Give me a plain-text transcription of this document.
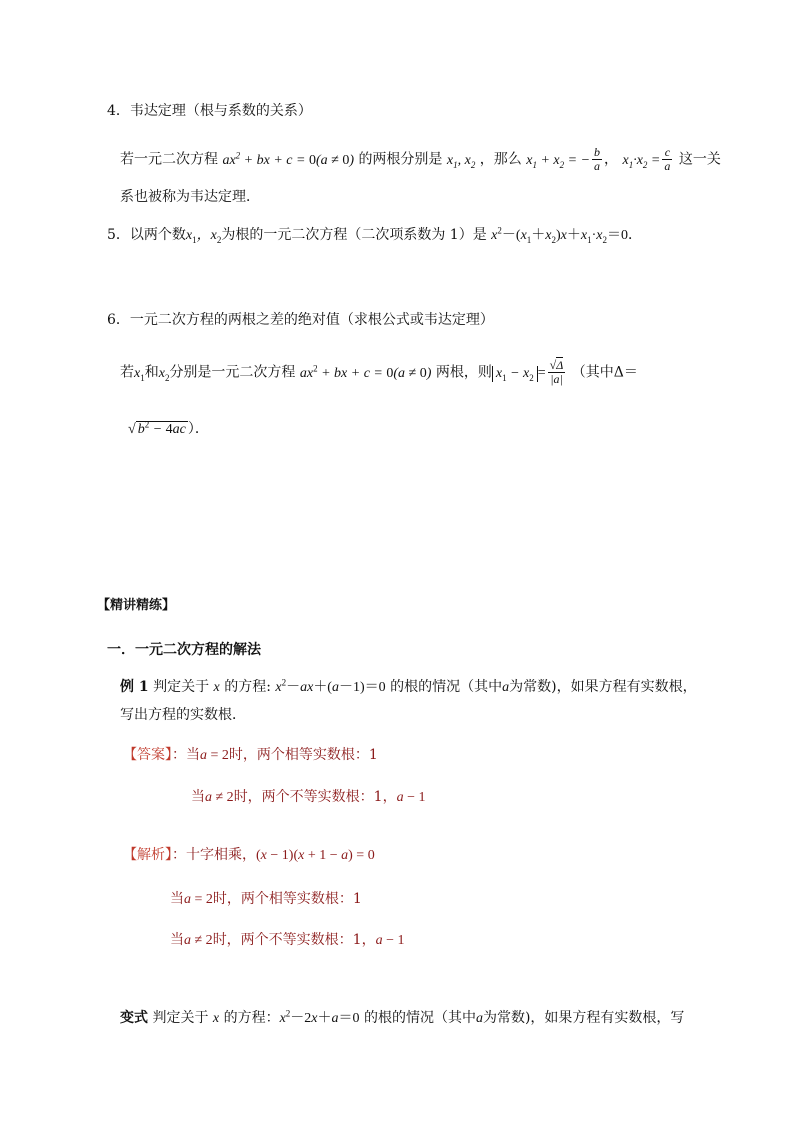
4．韦达定理（根与系数的关系）
若一元二次方程 $ax^2$ + bx + c = 0(a ≠ 0) 的两根分别是 $x_1$, $x_2$ ，那么 $x_1 + x_2$ = − $\frac{b}{a}$ ， $x_1\cdot x_2 = \frac{c}{a}$ 这一关
系也被称为韦达定理．
5．以两个数$x_1$，$x_2$为根的一元二次方程（二次项系数为 1）是 $x^2-(x_1+x_2)x+x_1\cdot x_2=0$．
6．一元二次方程的两根之差的绝对值（求根公式或韦达定理）
若$x_1$和$x_2$分别是一元二次方程 $ax^2$ + bx + c = 0(a ≠ 0) 两根，则 $x_1 - x_2 = \frac{√\Delta}{|a|}$ （其中Δ＝
√ $b^2 - 4ac$ ）．
【精讲精练】
一．一元二次方程的解法
例 1 判定关于 x 的方程: $x^2-ax+(a-1)=0$ 的根的情况（其中a为常数)，如果方程有实数根，
写出方程的实数根．
【答案】：当a = 2时，两个相等实数根：1
当a ≠ 2时，两个不等实数根：1，a − 1
【解析】：十字相乘，(x − 1)(x + 1 − a) = 0
当a = 2时，两个相等实数根：1
当a ≠ 2时，两个不等实数根：1，a − 1
变式 判定关于 x 的方程：$x^2-2x+a=0$ 的根的情况（其中a为常数)，如果方程有实数根，写
